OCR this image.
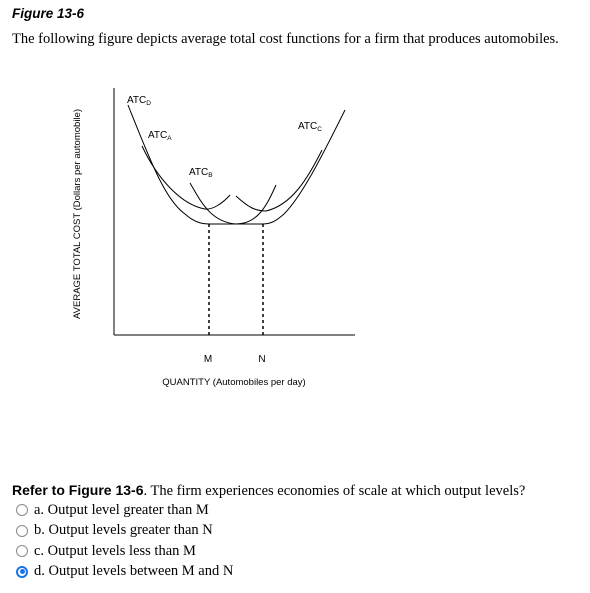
Figure 13-6
The following figure depicts average total cost functions for a firm that produces automobiles.
$ATC_D$
$ATC_A$
$ATC_B$
$ATC_C$
M	N
QUANTITY (Automobiles per day)
AVERAGE TOTAL COST (Dollars per automobile)
Refer to Figure 13-6. The firm experiences economies of scale at which output levels?
a. Output level greater than M
b. Output levels greater than N
c. Output levels less than M
d. Output levels between M and N
